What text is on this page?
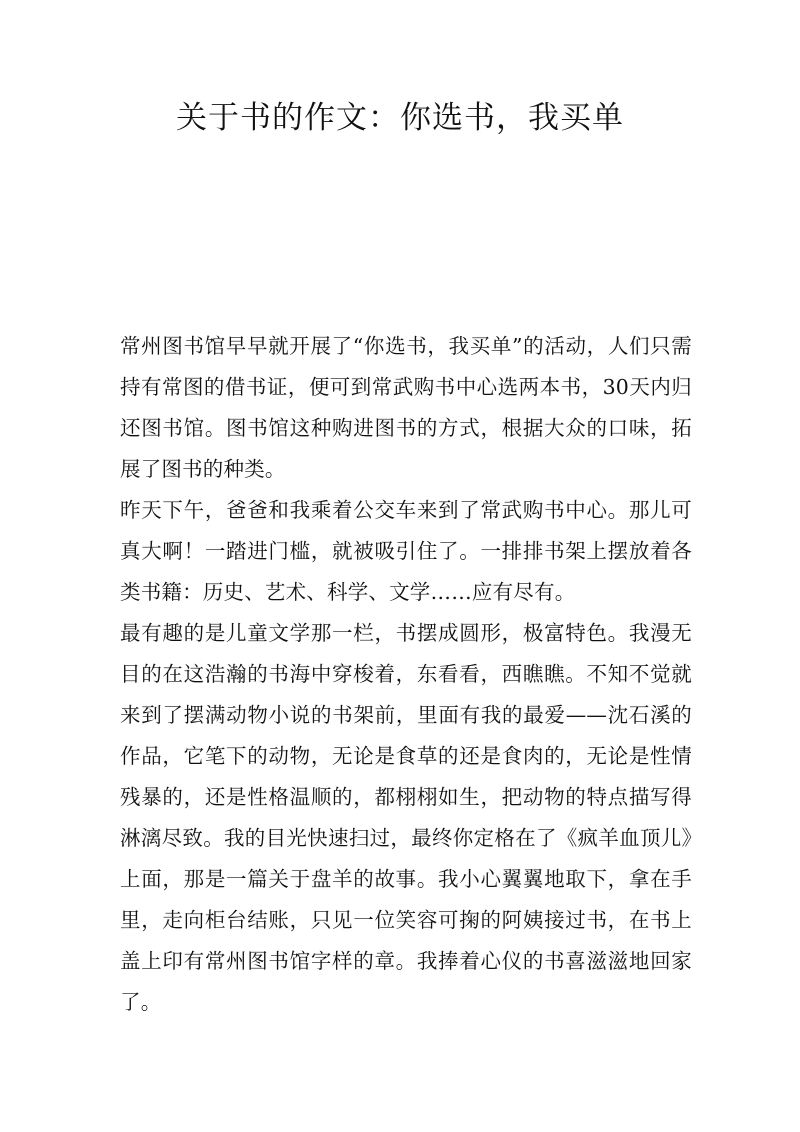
关于书的作文：你选书，我买单

常州图书馆早早就开展了“你选书，我买单”的活动，人们只需持有常图的借书证，便可到常武购书中心选两本书，30天内归还图书馆。图书馆这种购进图书的方式，根据大众的口味，拓展了图书的种类。

昨天下午，爸爸和我乘着公交车来到了常武购书中心。那儿可真大啊！一踏进门槛，就被吸引住了。一排排书架上摆放着各类书籍：历史、艺术、科学、文学……应有尽有。

最有趣的是儿童文学那一栏，书摆成圆形，极富特色。我漫无目的在这浩瀚的书海中穿梭着，东看看，西瞧瞧。不知不觉就来到了摆满动物小说的书架前，里面有我的最爱——沈石溪的作品，它笔下的动物，无论是食草的还是食肉的，无论是性情残暴的，还是性格温顺的，都栩栩如生，把动物的特点描写得淋漓尽致。我的目光快速扫过，最终你定格在了《疯羊血顶儿》上面，那是一篇关于盘羊的故事。我小心翼翼地取下，拿在手里，走向柜台结账，只见一位笑容可掬的阿姨接过书，在书上盖上印有常州图书馆字样的章。我捧着心仪的书喜滋滋地回家了。
